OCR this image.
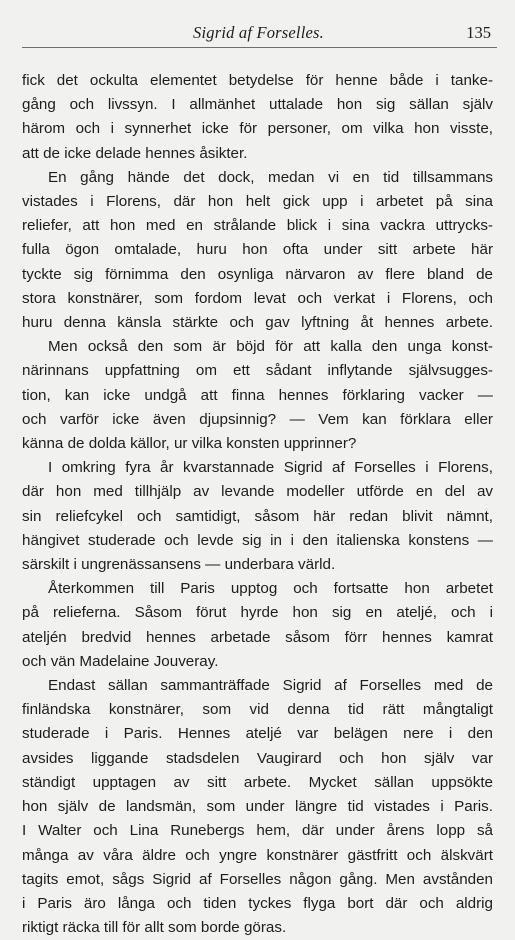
Sigrid af Forselles.	135
fick det ockulta elementet betydelse för henne både i tanke-
gång och livssyn. I allmänhet uttalade hon sig sällan själv
härom och i synnerhet icke för personer, om vilka hon visste,
att de icke delade hennes åsikter.
En gång hände det dock, medan vi en tid tillsammans
vistades i Florens, där hon helt gick upp i arbetet på sina
reliefer, att hon med en strålande blick i sina vackra uttrycks-
fulla ögon omtalade, huru hon ofta under sitt arbete här
tyckte sig förnimma den osynliga närvaron av flere bland de
stora konstnärer, som fordom levat och verkat i Florens, och
huru denna känsla stärkte och gav lyftning åt hennes arbete.
Men också den som är böjd för att kalla den unga konst-
närinnans uppfattning om ett sådant inflytande självsugges-
tion, kan icke undgå att finna hennes förklaring vacker —
och varför icke även djupsinnig? — Vem kan förklara eller
känna de dolda källor, ur vilka konsten upprinner?
I omkring fyra år kvarstannade Sigrid af Forselles i Florens,
där hon med tillhjälp av levande modeller utförde en del av
sin reliefcykel och samtidigt, såsom här redan blivit nämnt,
hängivet studerade och levde sig in i den italienska konstens —
särskilt i ungrenässansens — underbara värld.
Återkommen till Paris upptog och fortsatte hon arbetet
på relieferna. Såsom förut hyrde hon sig en ateljé, och i
ateljén bredvid hennes arbetade såsom förr hennes kamrat
och vän Madelaine Jouveray.
Endast sällan sammanträffade Sigrid af Forselles med de
finländska konstnärer, som vid denna tid rätt mångtaligt
studerade i Paris. Hennes ateljé var belägen nere i den
avsides liggande stadsdelen Vaugirard och hon själv var
ständigt upptagen av sitt arbete. Mycket sällan uppsökte
hon själv de landsmän, som under längre tid vistades i Paris.
I Walter och Lina Runebergs hem, där under årens lopp så
många av våra äldre och yngre konstnärer gästfritt och älskvärt
tagits emot, sågs Sigrid af Forselles någon gång. Men avstånden
i Paris äro långa och tiden tyckes flyga bort där och aldrig
riktigt räcka till för allt som borde göras.
